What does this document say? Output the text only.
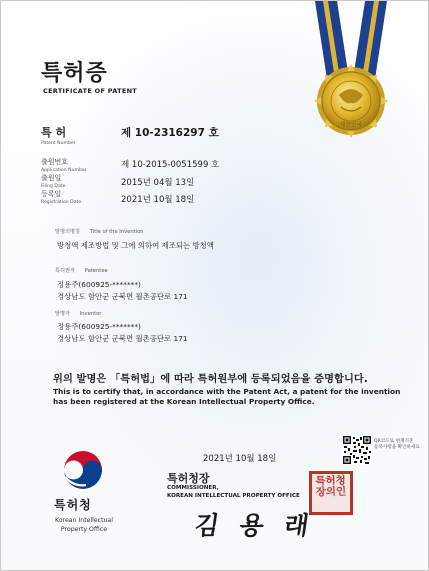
대한민국
특허증
CERTIFICATE OF PATENT
특 허
Patent Number
제 10-2316297 호
출원번호
Application Number
제 10-2015-0051599 호
출원일
Filing Date	2015년 04월 13일
등록일
Registration Date	2021년 10월 18일
발명의명칭 Title of the Invention
방청액 제조방법 및 그에 의하여 제조되는 방청액
특허권자 Patentee
정용주(600925-*******)
경상남도 함안군 군북면 월촌공단로 171
발명자 Inventor
정용주(600925-*******)
경상남도 함안군 군북면 월촌공단로 171
위의 발명은 「특허법」에 따라 특허원부에 등록되었음을 증명합니다.
This is to certify that, in accordance with the Patent Act, a patent for the invention
has been registered at the Korean Intellectual Property Office.
2021년 10월 18일
QR코드로 현재기준
등록사항을 확인하세요
특허청장의인
특허청장
COMMISSIONER,
KOREAN INTELLECTUAL PROPERTY OFFICE
김 용 래
특허청
Korean Intellectual Property Office
